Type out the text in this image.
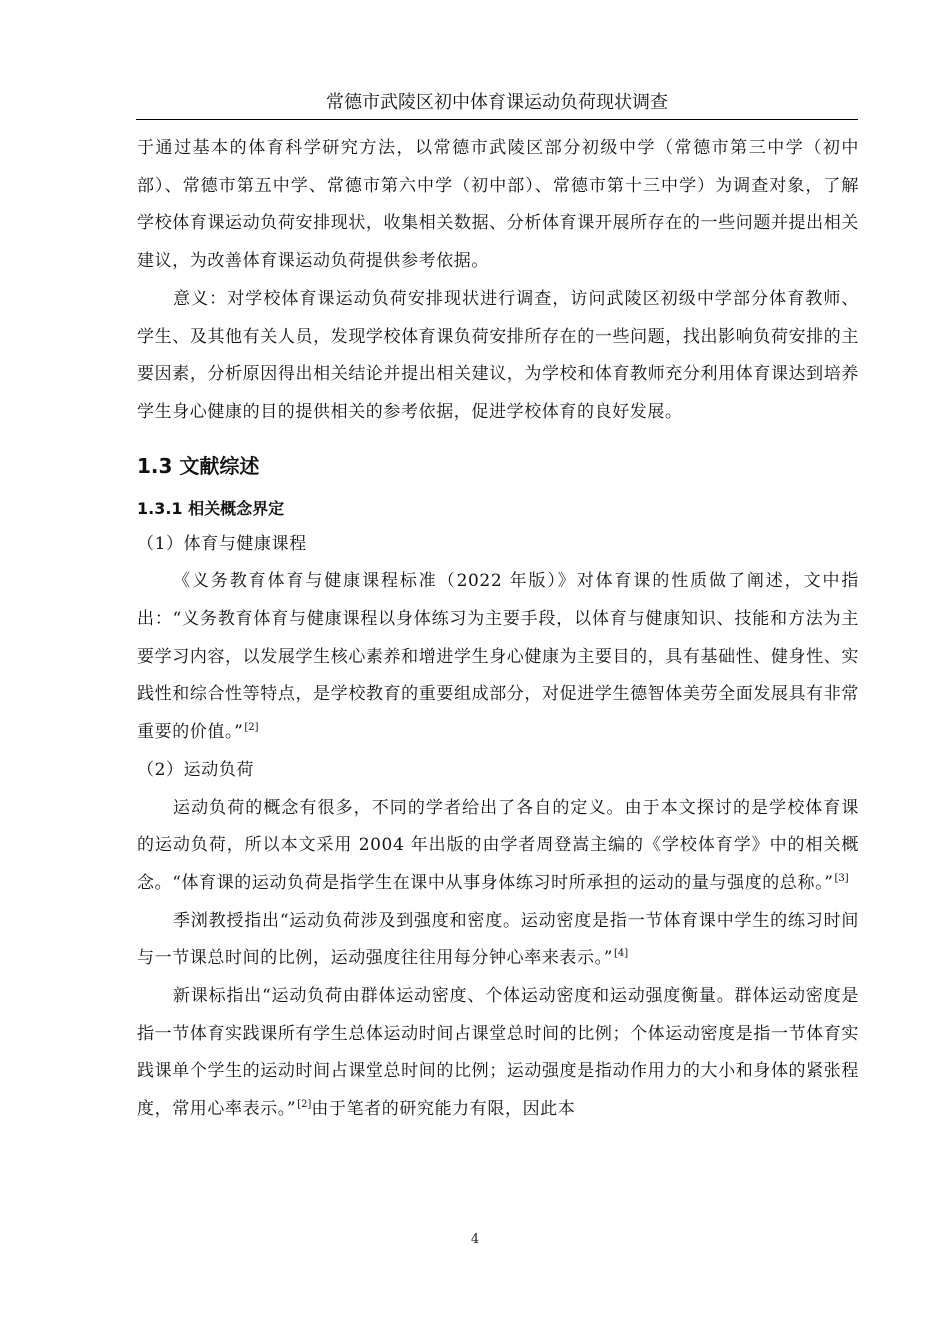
常德市武陵区初中体育课运动负荷现状调查

于通过基本的体育科学研究方法，以常德市武陵区部分初级中学（常德市第三中学（初中部）、常德市第五中学、常德市第六中学（初中部）、常德市第十三中学）为调查对象，了解学校体育课运动负荷安排现状，收集相关数据、分析体育课开展所存在的一些问题并提出相关建议，为改善体育课运动负荷提供参考依据。

意义：对学校体育课运动负荷安排现状进行调查，访问武陵区初级中学部分体育教师、学生、及其他有关人员，发现学校体育课负荷安排所存在的一些问题，找出影响负荷安排的主要因素，分析原因得出相关结论并提出相关建议，为学校和体育教师充分利用体育课达到培养学生身心健康的目的提供相关的参考依据，促进学校体育的良好发展。

1.3 文献综述
1.3.1 相关概念界定
（1）体育与健康课程

《义务教育体育与健康课程标准（2022 年版）》对体育课的性质做了阐述，文中指出：“义务教育体育与健康课程以身体练习为主要手段，以体育与健康知识、技能和方法为主要学习内容，以发展学生核心素养和增进学生身心健康为主要目的，具有基础性、健身性、实践性和综合性等特点，是学校教育的重要组成部分，对促进学生德智体美劳全面发展具有非常重要的价值。”[2]

（2）运动负荷

运动负荷的概念有很多，不同的学者给出了各自的定义。由于本文探讨的是学校体育课的运动负荷，所以本文采用 2004 年出版的由学者周登嵩主编的《学校体育学》中的相关概念。“体育课的运动负荷是指学生在课中从事身体练习时所承担的运动的量与强度的总称。”[3]

季浏教授指出“运动负荷涉及到强度和密度。运动密度是指一节体育课中学生的练习时间与一节课总时间的比例，运动强度往往用每分钟心率来表示。”[4]

新课标指出“运动负荷由群体运动密度、个体运动密度和运动强度衡量。群体运动密度是指一节体育实践课所有学生总体运动时间占课堂总时间的比例；个体运动密度是指一节体育实践课单个学生的运动时间占课堂总时间的比例；运动强度是指动作用力的大小和身体的紧张程度，常用心率表示。”[2]由于笔者的研究能力有限，因此本

4
